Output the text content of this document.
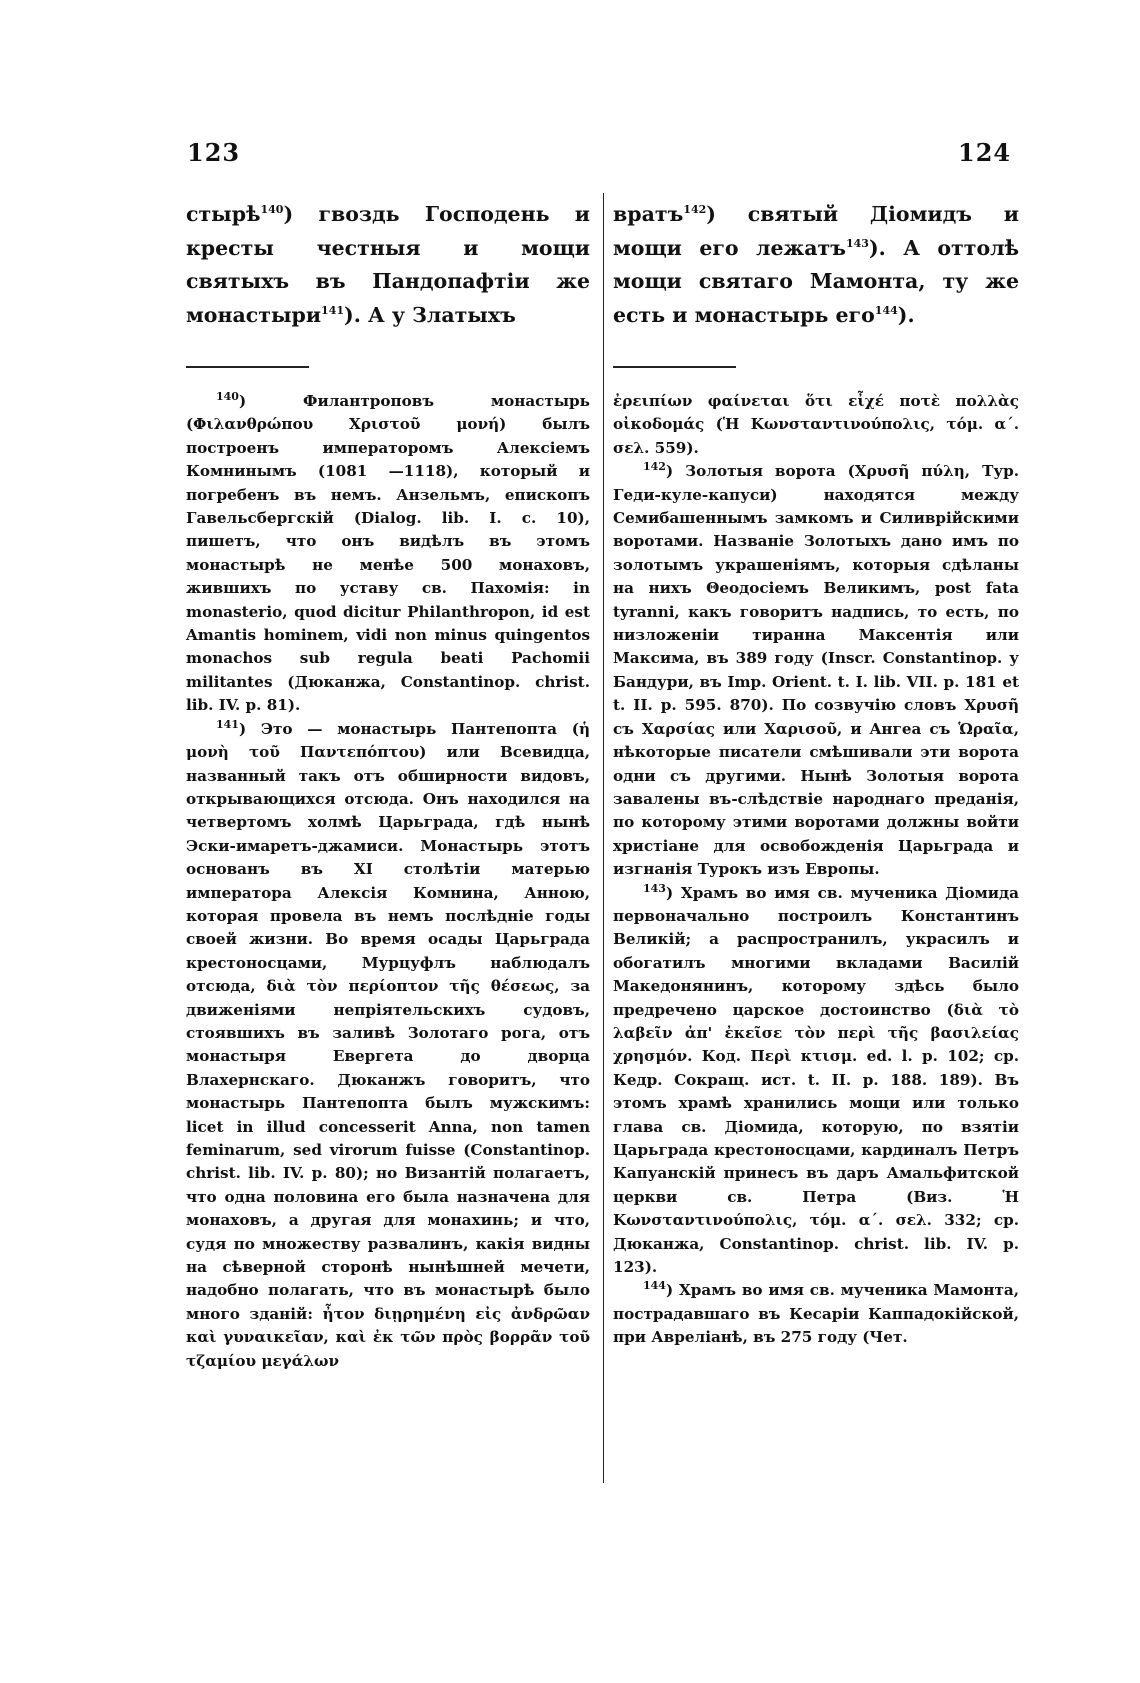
123	124

стырѣ$^{140}$) гвоздь Господень и кресты честныя и мощи святыхъ въ Пандопафтіи же монастыри$^{141}$). А у Златыхъ

$^{140}$) Филантроповъ монастырь (Φιλανθρώπου Χριστοῦ μονή) былъ построенъ императоромъ Алексіемъ Комнинымъ (1081 —1118), который и погребенъ въ немъ. Анзельмъ, епископъ Гавельсбергскій (Dialog. lib. I. c. 10), пишетъ, что онъ видѣлъ въ этомъ монастырѣ не менѣе 500 монаховъ, жившихъ по уставу св. Пахомія: in monasterio, quod dicitur Philanthropon, id est Amantis hominem, vidi non minus quingentos monachos sub regula beati Pachomii militantes (Дюканжа, Constantinop. christ. lib. IV. p. 81).

$^{141}$) Это — монастырь Пантепопта (ἡ μονὴ τοῦ Παντεπόπτου) или Всевидца, названный такъ отъ обширности видовъ, открывающихся отсюда. Онъ находился на четвертомъ холмѣ Царьграда, гдѣ нынѣ Эски-имаретъ-джамиси. Монастырь этотъ основанъ въ XI столѣтіи матерью императора Алексія Комнина, Анною, которая провела въ немъ послѣдніе годы своей жизни. Во время осады Царьграда крестоносцами, Мурцуфлъ наблюдалъ отсюда, διὰ τὸν περίοπτον τῆς θέσεως, за движеніями непріятельскихъ судовъ, стоявшихъ въ заливѣ Золотаго рога, отъ монастыря Евергета до дворца Влахернскаго. Дюканжъ говоритъ, что монастырь Пантепопта былъ мужскимъ: licet in illud concesserit Anna, non tamen feminarum, sed virorum fuisse (Constantinop. christ. lib. IV. p. 80); но Византій полагаетъ, что одна половина его была назначена для монаховъ, а другая для монахинь; и что, судя по множеству развалинъ, какія видны на сѣверной сторонѣ нынѣшней мечети, надобно полагать, что въ монастырѣ было много зданій: ἦτον διῃρημένη εἰς ἀνδρῶαν καὶ γυναικεῖαν, καὶ ἐκ τῶν πρὸς βορρᾶν τοῦ τζαμίου μεγάλων

вратъ$^{142}$) святый Діомидъ и мощи его лежатъ$^{143}$). А оттолѣ мощи святаго Мамонта, ту же есть и монастырь его$^{144}$).

ἐρειπίων φαίνεται ὅτι εἶχέ ποτὲ πολλὰς οἰκοδομάς (Ἡ Κωνσταντινούπολις, τόμ. α΄. σελ. 559).

$^{142}$) Золотыя ворота (Χρυσῆ πύλη, Тур. Геди-куле-капуси) находятся между Семибашеннымъ замкомъ и Силиврійскими воротами. Названіе Золотыхъ дано имъ по золотымъ украшеніямъ, которыя сдѣланы на нихъ Θеодосіемъ Великимъ, post fata tyranni, какъ говоритъ надпись, то есть, по низложеніи тиранна Максентія или Максима, въ 389 году (Inscr. Constantinop. у Бандури, въ Imp. Orient. t. I. lib. VII. p. 181 et t. II. p. 595. 870). По созвучію словъ Χρυσῆ съ Χαρσίας или Χαρισοῦ, и Αнгеа съ Ὡραῖα, нѣкоторые писатели смѣшивали эти ворота одни съ другими. Нынѣ Золотыя ворота завалены въ-слѣдствіе народнаго преданія, по которому этими воротами должны войти христіане для освобожденія Царьграда и изгнанія Турокъ изъ Европы.

$^{143}$) Храмъ во имя св. мученика Діомида первоначально построилъ Константинъ Великій; а распространилъ, украсилъ и обогатилъ многими вкладами Василій Македонянинъ, которому здѣсь было предречено царское достоинство (διὰ τὸ λαβεῖν ἀπ' ἐκεῖσε τὸν περὶ τῆς βασιλείας χρησμόν. Код. Περὶ κτισμ. ed. l. p. 102; ср. Кедр. Сокращ. ист. t. II. p. 188. 189). Въ этомъ храмѣ хранились мощи или только глава св. Діомида, которую, по взятіи Царьграда крестоносцами, кардиналъ Петръ Капуанскій принесъ въ даръ Амальфитской церкви св. Петра (Виз. Ἡ Κωνσταντινούπολις, τόμ. α΄. σελ. 332; ср. Дюканжа, Constantinop. christ. lib. IV. p. 123).

$^{144}$) Храмъ во имя св. мученика Мамонта, пострадавшаго въ Кесаріи Каппадокійской, при Авреліанѣ, въ 275 году (Чет.
